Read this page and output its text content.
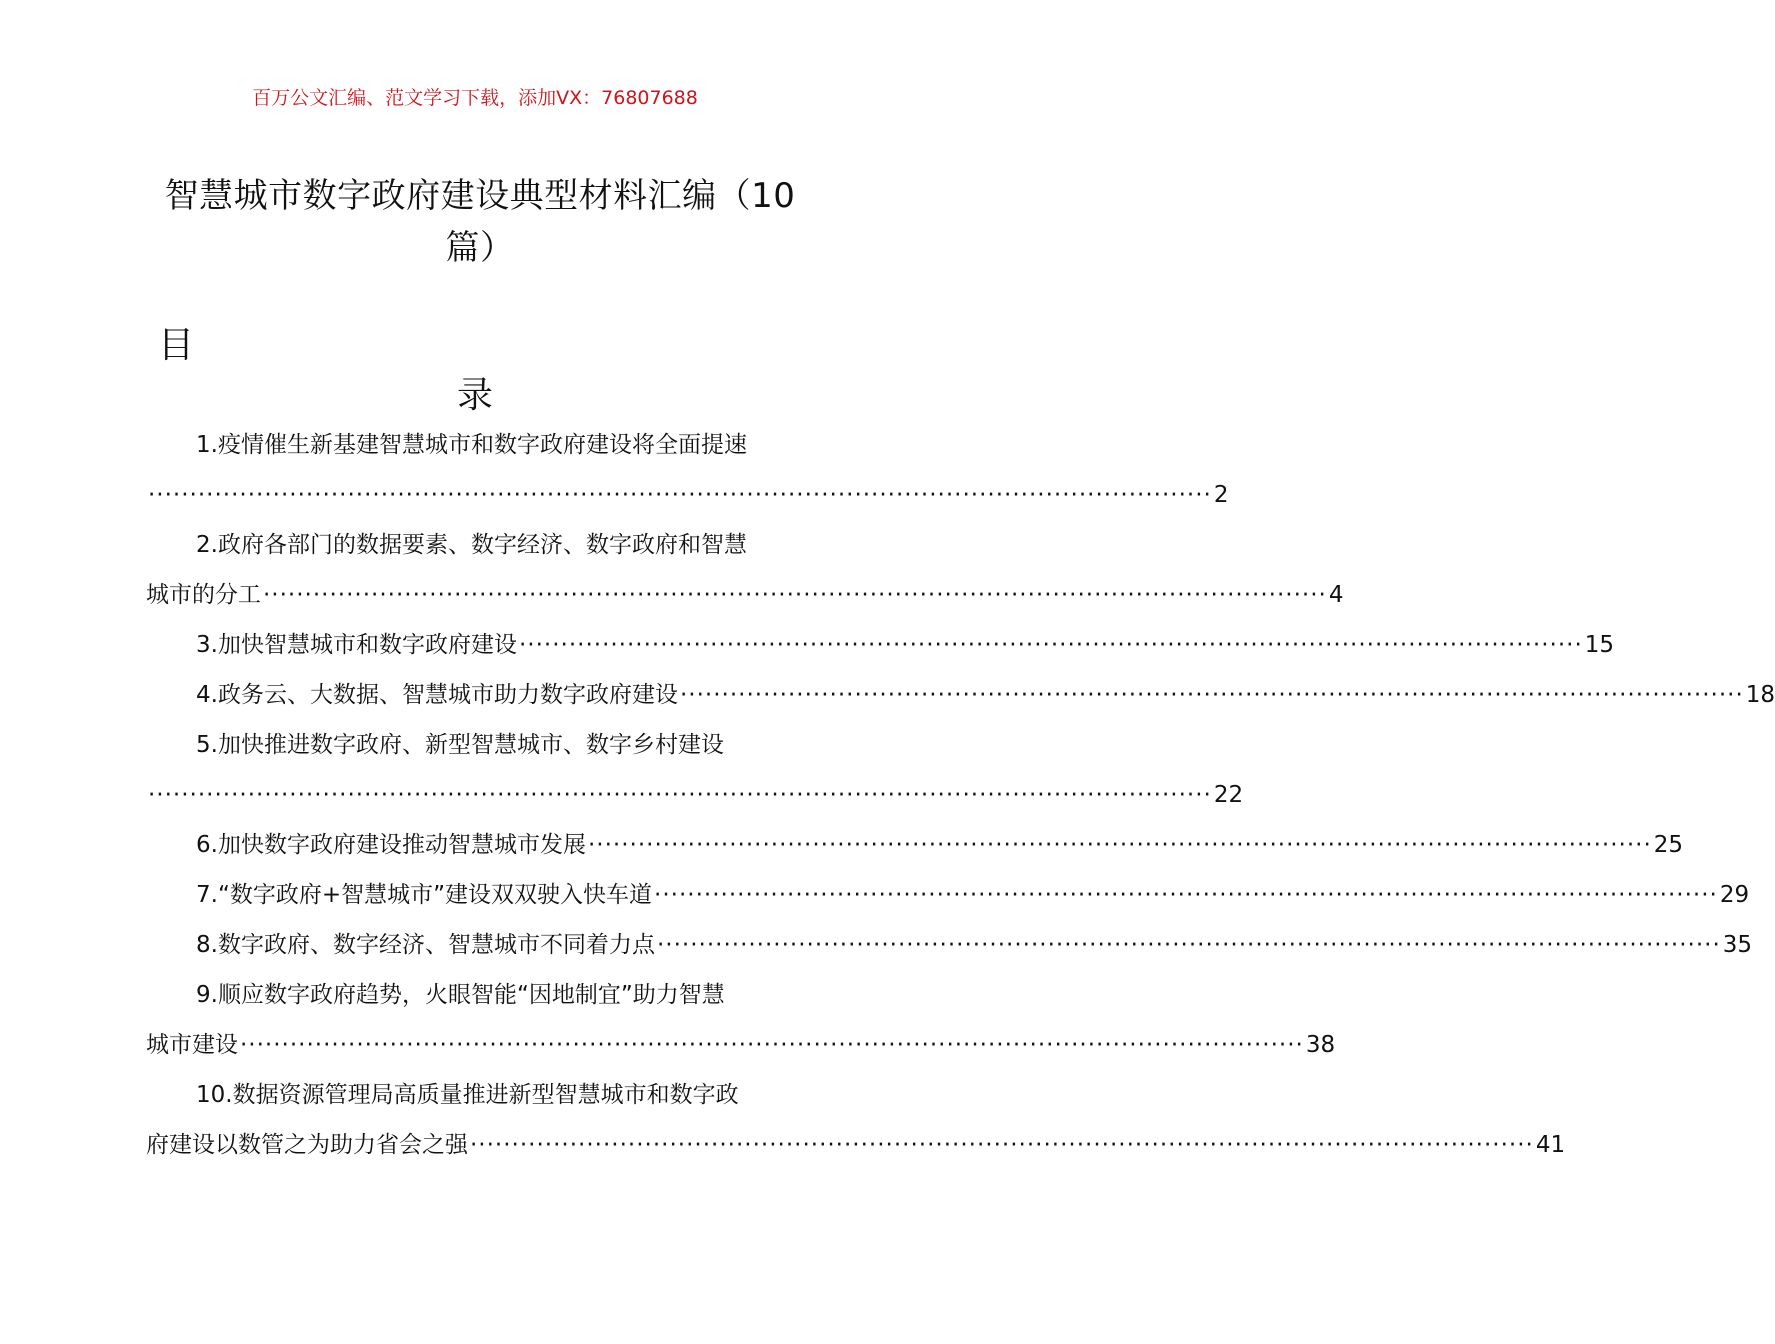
百万公文汇编、范文学习下载，添加VX：76807688
智慧城市数字政府建设典型材料汇编（10
篇）
目
录
1.疫情催生新基建智慧城市和数字政府建设将全面提速
································································································································ 2
2.政府各部门的数据要素、数字经济、数字政府和智慧
城市的分工 ································································································································ 4
3.加快智慧城市和数字政府建设 ································································································································ 15
4.政务云、大数据、智慧城市助力数字政府建设 ································································································································ 18
5.加快推进数字政府、新型智慧城市、数字乡村建设
································································································································ 22
6.加快数字政府建设推动智慧城市发展 ································································································································ 25
7.“数字政府+智慧城市”建设双双驶入快车道 ································································································································ 29
8.数字政府、数字经济、智慧城市不同着力点 ································································································································ 35
9.顺应数字政府趋势，火眼智能“因地制宜”助力智慧
城市建设 ································································································································ 38
10.数据资源管理局高质量推进新型智慧城市和数字政
府建设以数管之为助力省会之强 ································································································································ 41
